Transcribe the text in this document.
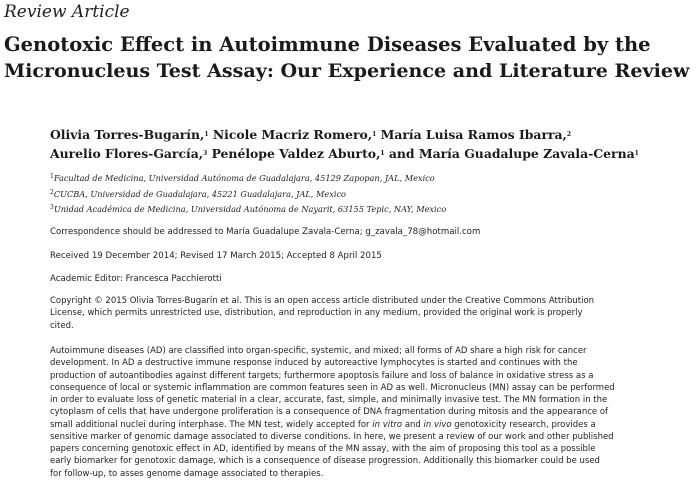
Review Article

Genotoxic Effect in Autoimmune Diseases Evaluated by the
Micronucleus Test Assay: Our Experience and Literature Review
Olivia Torres-Bugarín,$^1$ Nicole Macriz Romero,$^1$ María Luisa Ramos Ibarra,$^2$
Aurelio Flores-García,$^3$ Penélope Valdez Aburto,$^1$ and María Guadalupe Zavala-Cerna$^1$
$^1$Facultad de Medicina, Universidad Autónoma de Guadalajara, 45129 Zapopan, JAL, Mexico
$^2$CUCBA, Universidad de Guadalajara, 45221 Guadalajara, JAL, Mexico
$^3$Unidad Académica de Medicina, Universidad Autónoma de Nayarit, 63155 Tepic, NAY, Mexico
Correspondence should be addressed to María Guadalupe Zavala-Cerna; g_zavala_78@hotmail.com
Received 19 December 2014; Revised 17 March 2015; Accepted 8 April 2015
Academic Editor: Francesca Pacchierotti
Copyright © 2015 Olivia Torres-Bugarín et al. This is an open access article distributed under the Creative Commons Attribution
License, which permits unrestricted use, distribution, and reproduction in any medium, provided the original work is properly
cited.
Autoimmune diseases (AD) are classified into organ-specific, systemic, and mixed; all forms of AD share a high risk for cancer
development. In AD a destructive immune response induced by autoreactive lymphocytes is started and continues with the
production of autoantibodies against different targets; furthermore apoptosis failure and loss of balance in oxidative stress as a
consequence of local or systemic inflammation are common features seen in AD as well. Micronucleus (MN) assay can be performed
in order to evaluate loss of genetic material in a clear, accurate, fast, simple, and minimally invasive test. The MN formation in the
cytoplasm of cells that have undergone proliferation is a consequence of DNA fragmentation during mitosis and the appearance of
small additional nuclei during interphase. The MN test, widely accepted for in vitro and in vivo genotoxicity research, provides a
sensitive marker of genomic damage associated to diverse conditions. In here, we present a review of our work and other published
papers concerning genotoxic effect in AD, identified by means of the MN assay, with the aim of proposing this tool as a possible
early biomarker for genotoxic damage, which is a consequence of disease progression. Additionally this biomarker could be used
for follow-up, to asses genome damage associated to therapies.
